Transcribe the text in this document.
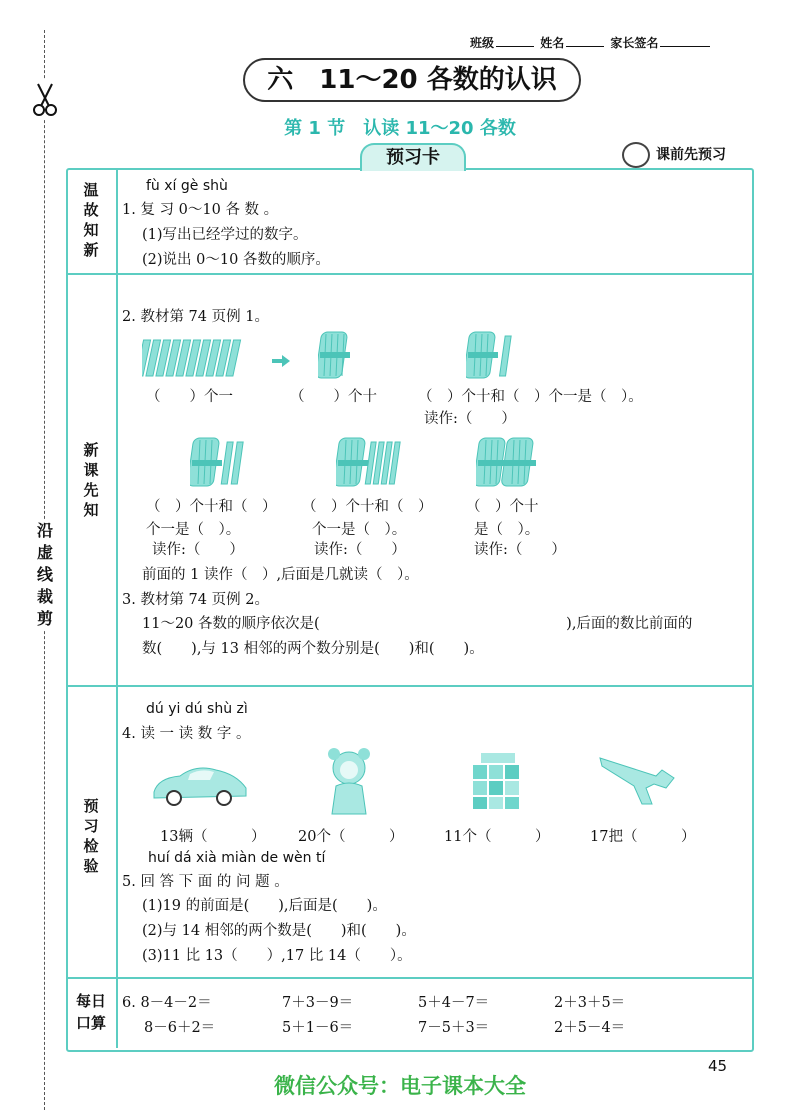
沿虚线裁剪
班级	姓名	家长签名
六　11～20 各数的认识
第 1 节　认读 11～20 各数
课前先预习
预习卡
温故知新
新课先知
预习检验
每日口算
fù xí gè shù
1. 复 习 0～10 各 数 。
(1)写出已经学过的数字。
(2)说出 0～10 各数的顺序。
2. 教材第 74 页例 1。
（　　）个一	（　　）个十	（　）个十和（　）个一是（　）。
读作:（　　）
（　）个十和（　）
个一是（　）。
读作:（　　）
（　）个十和（　）
个一是（　）。
读作:（　　）
（　）个十
是（　）。
读作:（　　）
前面的 1 读作（　）,后面是几就读（　）。
3. 教材第 74 页例 2。
11～20 各数的顺序依次是(　　　　　　　　　　　　　　　　　),后面的数比前面的
数(　　),与 13 相邻的两个数分别是(　　)和(　　)。
dú yi dú shù zì
4. 读 一 读 数 字 。
13辆（　　　） 20个（　　　）	11个（　　　）	17把（　　　）
huí dá xià miàn de wèn tí
5. 回 答 下 面 的 问 题 。
(1)19 的前面是(　　),后面是(　　)。
(2)与 14 相邻的两个数是(　　)和(　　)。
(3)11 比 13（　　）,17 比 14（　　）。
6. 8－4－2＝	7＋3－9＝	5＋4－7＝	2＋3＋5＝
8－6＋2＝	5＋1－6＝	7－5＋3＝	2＋5－4＝
45
微信公众号：电子课本大全
